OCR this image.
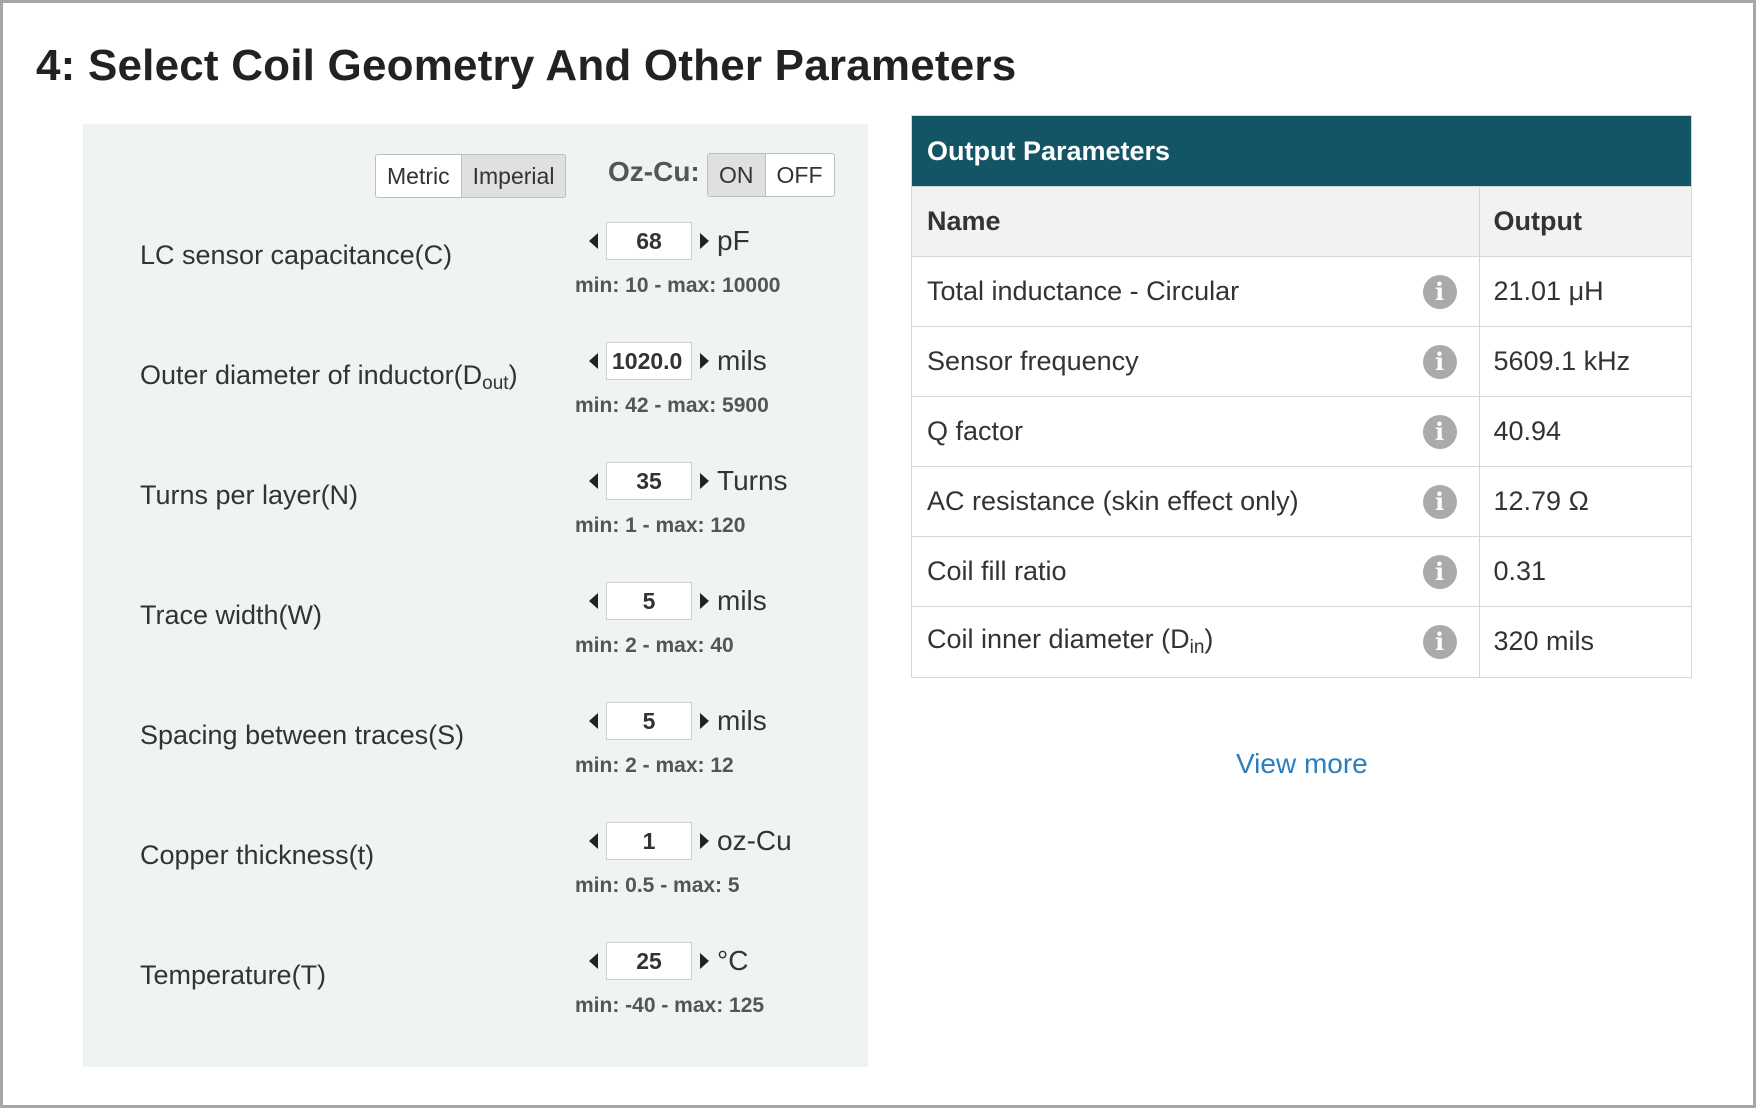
4: Select Coil Geometry And Other Parameters
Metric	Imperial	Oz-Cu: ON	OFF
LC sensor capacitance(C)	68	pF
min: 10 - max: 10000
Outer diameter of $inductor(D_{out})$	1020.0	mils
min: 42 - max: 5900
Turns per layer(N)	35	Turns
min: 1 - max: 120
Trace width(W)	5	mils
min: 2 - max: 40
Spacing between traces(S)	5	mils
min: 2 - max: 12
Copper thickness(t)	1	oz-Cu
min: 0.5 - max: 5
Temperature(T)	25	°C
min: -40 - max: 125
Output Parameters
Name	Output
Total inductance - Circular i	21.01 μH
Sensor frequency i	5609.1 kHz
Q factor i	40.94
AC resistance (skin effect only) i	12.79 Ω
Coil fill ratio i	0.31
Coil inner diameter $(D_{in})$ i	320 mils
View more
